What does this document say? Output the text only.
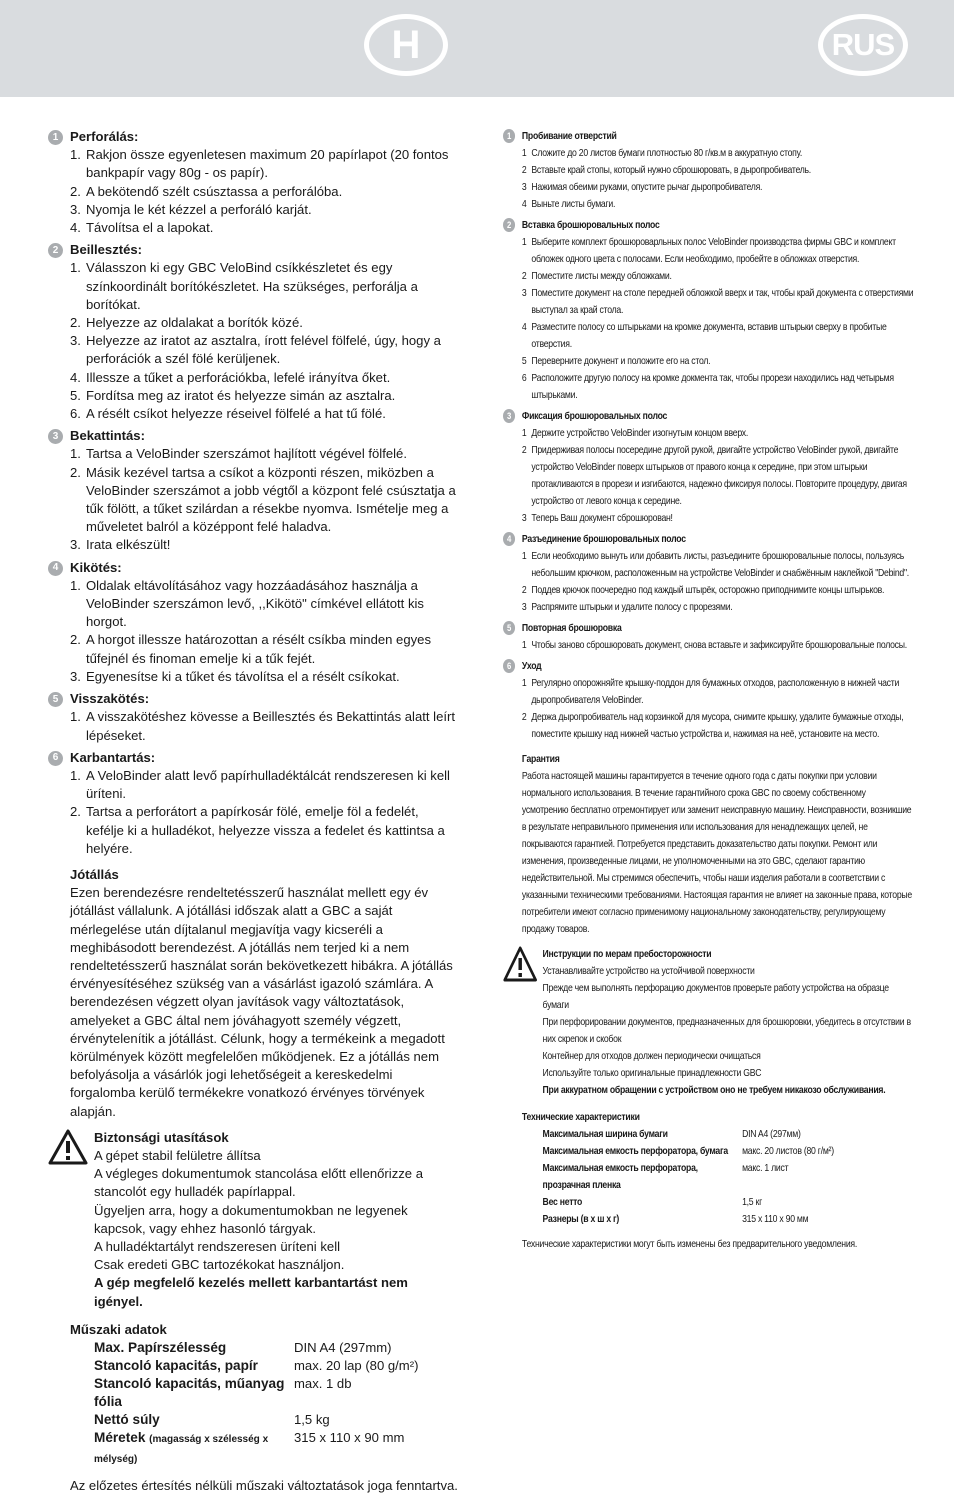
H	RUS
1 Perforálás:
1. Rakjon össze egyenletesen maximum 20 papírlapot (20 fontos bankpapír vagy 80g - os papír).
2. A bekötendő szélt csúsztassa a perforálóba.
3. Nyomja le két kézzel a perforáló karját.
4. Távolítsa el a lapokat.
2 Beillesztés:
1. Válasszon ki egy GBC VeloBind csíkkészletet és egy színkoordinált borítókészletet. Ha szükséges, perforálja a borítókat.
2. Helyezze az oldalakat a borítók közé.
3. Helyezze az iratot az asztalra, írott felével fölfelé, úgy, hogy a perforációk a szél fölé kerüljenek.
4. Illessze a tűket a perforációkba, lefelé irányítva őket.
5. Fordítsa meg az iratot és helyezze simán az asztalra.
6. A résélt csíkot helyezze réseivel fölfelé a hat tű fölé.
3 Bekattintás:
1. Tartsa a VeloBinder szerszámot hajlított végével fölfelé.
2. Másik kezével tartsa a csíkot a központi részen, miközben a VeloBinder szerszámot a jobb végtől a központ felé csúsztatja a tűk fölött, a tűket szilárdan a résekbe nyomva. Ismételje meg a műveletet balról a középpont felé haladva.
3. Irata elkészült!
4 Kikötés:
1. Oldalak eltávolításához vagy hozzáadásához használja a VeloBinder szerszámon levő, ,,Kikötö" címkével ellátott kis horgot.
2. A horgot illessze határozottan a résélt csíkba minden egyes tűfejnél és finoman emelje ki a tűk fejét.
3. Egyenesítse ki a tűket és távolítsa el a résélt csíkokat.
5 Visszakötés:
1. A visszakötéshez kövesse a Beillesztés és Bekattintás alatt leírt lépéseket.
6 Karbantartás:
1. A VeloBinder alatt levő papírhulladéktálcát rendszeresen ki kell üríteni.
2. Tartsa a perforátort a papírkosár fölé, emelje föl a fedelét, kefélje ki a hulladékot, helyezze vissza a fedelet és kattintsa a helyére.
Jótállás
Ezen berendezésre rendeltetésszerű használat mellett egy év jótállást vállalunk. A jótállási időszak alatt a GBC a saját mérlegelése után díjtalanul megjavítja vagy kicseréli a meghibásodott berendezést. A jótállás nem terjed ki a nem rendeltetésszerű használat során bekövetkezett hibákra. A jótállás érvényesítéséhez szükség van a vásárlást igazoló számlára. A berendezésen végzett olyan javítások vagy változtatások, amelyeket a GBC által nem jóváhagyott személy végzett, érvénytelenítik a jótállást. Célunk, hogy a termékeink a megadott körülmények között megfelelően működjenek. Ez a jótállás nem befolyásolja a vásárlók jogi lehetőségeit a kereskedelmi forgalomba kerülő termékekre vonatkozó érvényes törvények alapján.
Biztonsági utasítások
A gépet stabil felületre állítsa
A végleges dokumentumok stancolása előtt ellenőrizze a stancolót egy hulladék papírlappal.
Ügyeljen arra, hogy a dokumentumokban ne legyenek kapcsok, vagy ehhez hasonló tárgyak.
A hulladéktartályt rendszeresen üríteni kell
Csak eredeti GBC tartozékokat használjon.
A gép megfelelő kezelés mellett karbantartást nem igényel.
Műszaki adatok
Max. Papírszélesség	DIN A4 (297mm)
Stancoló kapacitás, papír	max. 20 lap (80 g/m²)
Stancoló kapacitás, műanyag fólia	max. 1 db
Nettó súly	1,5 kg
Méretek (magasság x szélesség x mélység)	315 x 110 x 90 mm
Az előzetes értesítés nélküli műszaki változtatások joga fenntartva.
1	Пробивание отверстий
1 Сложите до 20 листов бумаги плотностью 80 г/кв.м в аккуратную стопу.
2 Вставьте край стопы, который нужно сброшюровать, в дыропробиватель.
3 Нажимая обеими руками, опустите рычаг дыропробивателя.
4 Выньте листы бумаги.
2	Вставка брошюровальных полос
1 Выберите комплект брошюроварльных полос VeloBinder производства фирмы GBC и комплект обложек одного цвета с полосами. Если необходимо, пробейте в обложках отверстия.
2 Поместите листы между обложками.
3 Поместите документ на столе передней обложкой вверх и так, чтобы край документа с отверстиями выступал за край стола.
4 Разместите полосу со штырьками на кромке документа, вставив штырьки сверху в пробитые отверстия.
5 Переверните докунент и положите его на стол.
6 Расположите другую полосу на кромке докмента так, чтобы прорези находились над четырьмя штырьками.
3	Фиксация брошюровальных полос
1 Держите устройство VeloBinder изогнутым концом вверх.
2 Придерживая полосы посередине другой рукой, двигайте устройство VeloBinder рукой, двигайте устройство VeloBinder поверх штырьков от правого конца к середине, при этом штырьки протакливаются в прорези и изгибаются, надежно фиксируя полосы. Повторите процедуру, двигая устройство от левого конца к середине.
3 Теперь Ваш документ сброшюрован!
4	Разъединение брошюровальных полос
1 Если необходимо вынуть или добавить листы, разъедините брошюровальные полосы, пользуясь небольшим крючком, расположенным на устройстве VeloBinder и снабжённым наклейкой "Debind".
2 Поддев крючок поочередно под каждый штырёк, осторожно приподнимите концы штырьков.
3 Распрямите штырьки и удалите полосу с прорезями.
5	Повторная брошюровка
1 Чтобы заново сброшюровать документ, снова вставьте и зафиксируйте брошюровальные полосы.
6	Уход
1 Регулярно опорожняйте крышку-поддон для бумажных отходов, расположенную в нижней части дыропробивателя VeloBinder.
2 Держа дыропробиватель над корзинкой для мусора, снимите крышку, удалите бумажные отходы, поместите крышку над нижней частью устройства и, нажимая на неё, установите на место.
Гарантия
Работа настоящей машины гарантируется в течение одного года с даты покупки при условии нормального использования. В течение гарантийного срока GBC по своему собственному усмотрению бесплатно отремонтирует или заменит неисправную машину. Неисправности, возникшие в результате неправильного применения или использования для ненадлежащих целей, не покрываются гарантией. Потребуется представить доказательство даты покупки. Ремонт или изменения, произведенные лицами, не уполномоченными на это GBC, сделают гарантию недействительной. Мы стремимся обеспечить, чтобы наши изделия работали в соответствии с указанными техническими требованиями. Настоящая гарантия не влияет на законные права, которые потребители имеют согласно применимому национальному законодательству, регулирующему продажу товаров.
Инструкции по мерам пребосторожности
Устанавливайте устройство на устойчивой поверхности
Прежде чем выполнять перфорацию документов проверьте работу устройства на образце бумаги
При перфорировании документов, предназначенных для брошюровки, убедитесь в отсутствии в них скрепок и скобок
Контейнер для отходов должен периодически очищаться
Используйте только оригинальные принадлежности GBC
При аккуратном обращении с устройством оно не требуем никакозо обслуживания.
Технические характеристики
Максимальная ширина бумаги	DIN A4 (297мм)
Максимальная емкость перфоратора, бумага	макс. 20 листов (80 г/м²)
Максимальная емкость перфоратора, прозрачная пленка	макс. 1 лист
Вес нетто	1,5 кг
Разнеры (в х ш х г)	315 x 110 x 90 мм
Технические характеристики могут быть изменены без предварительного уведомления.
